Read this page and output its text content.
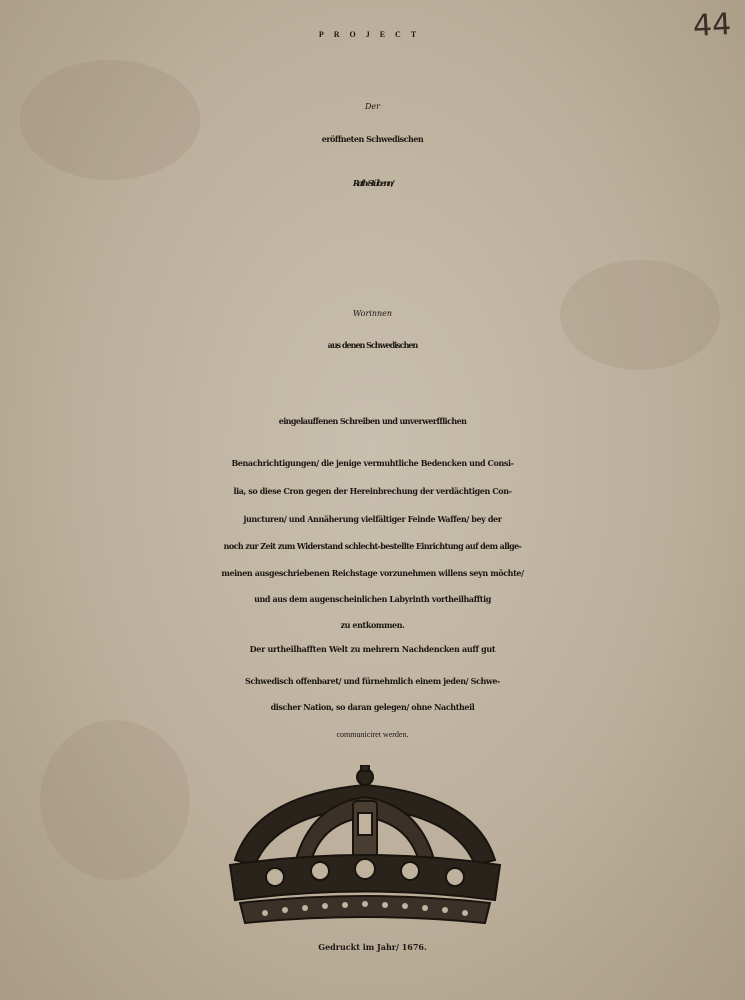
44
PROJECT
Der
eröffneten Schwedischen
Rath-Stübenn/
Worinnen
aus denen Schwedischen
eingelauffenen Schreiben und unverwerfflichen
Benachrichtigungen/ die jenige vermuhtliche Bedencken und Consi-
lia, so diese Cron gegen der Hereinbrechung der verdächtigen Con-
juncturen/ und Annäherung vielfältiger Feinde Waffen/ bey der
noch zur Zeit zum Widerstand schlecht-bestellte Einrichtung auf dem allge-
meinen ausgeschriebenen Reichstage vorzunehmen willens seyn möchte/
und aus dem augenscheinlichen Labyrinth vortheilhafftig
zu entkommen.
Der urtheilhafften Welt zu mehrern Nachdencken auff gut
Schwedisch offenbaret/ und fürnehmlich einem jeden/ Schwe-
discher Nation, so daran gelegen/ ohne Nachtheil
communiciret werden.
Gedruckt im Jahr/ 1676.
